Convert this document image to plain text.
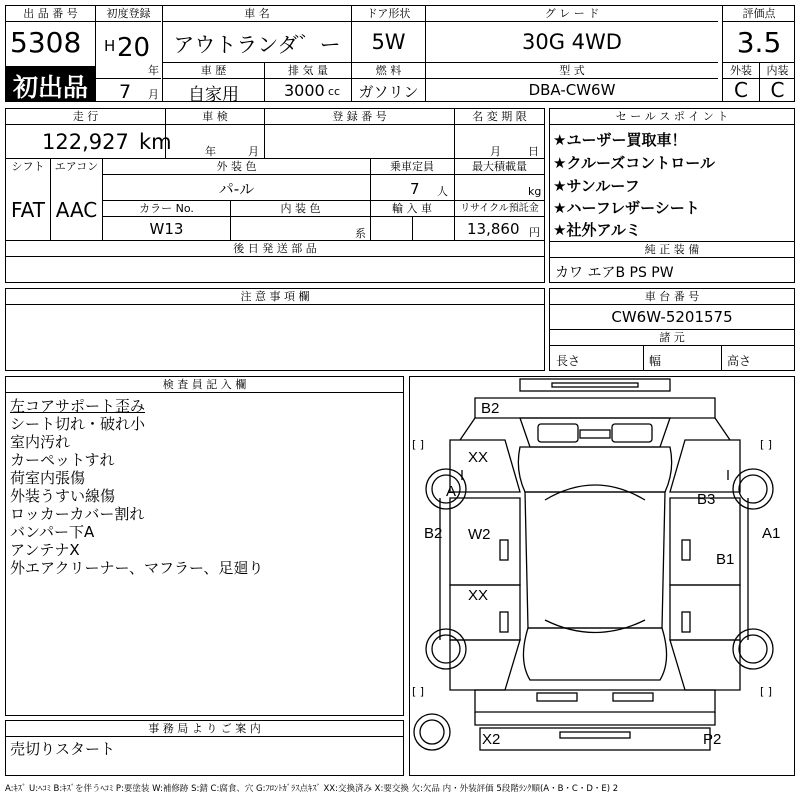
出 品 番 号
5308
初出品
初度登録
H 20
年
7 月
車 名
アウトランダ゛ー
車 歴	排 気 量
自家用	3000 cc
ドア形状
5W
燃 料
ガソリン
グ レ ー ド
30G 4WD
型 式
DBA-CW6W
評価点
3.5
外装	内装
C	C
走 行	車 検	登 録 番 号	名 変 期 限
122,927 km	年	月	月 日
シフト エアコン	外 装 色	乗車定員	最大積載量
FAT AAC
パ-ル	7 人	kg
カラー No.	内 装 色	輸 入 車	リサイクル預託金
W13	系	13,860 円
後 日 発 送 部 品
セ ー ル ス ポ イ ン ト
★ユーザー買取車！
★クルーズコントロール
★サンルーフ
★ハーフレザーシート
★社外アルミ
純 正 装 備
カワ エアB PS PW
注 意 事 項 欄	車 台 番 号
CW6W-5201575
諸 元
長さ	幅	高さ
検 査 員 記 入 欄
左コアサポート歪み
シート切れ・破れ小
室内汚れ
カーペットすれ
荷室内張傷
外装うすい線傷
ロッカーカバー割れ
バンパー下A
アンテナX
外エアクリーナー、マフラー、足廻り
事 務 局 よ り ご 案 内
売切りスタート
B2
XX
A	B3
B2 W2	A1
B1
XX
X2	P2
[ ]	[ ]
[ ]	[ ]
A:ｷｽﾞ U:ﾍｺﾐ B:ｷｽﾞを伴うﾍｺﾐ P:要塗装 W:補修跡 S:錆 C:腐食、穴 G:ﾌﾛﾝﾄｶﾞﾗｽ点ｷｽﾞ XX:交換済み X:要交換 欠:欠品 内・外装評価 5段階ﾗﾝｸ順(A・B・C・D・E) 2
